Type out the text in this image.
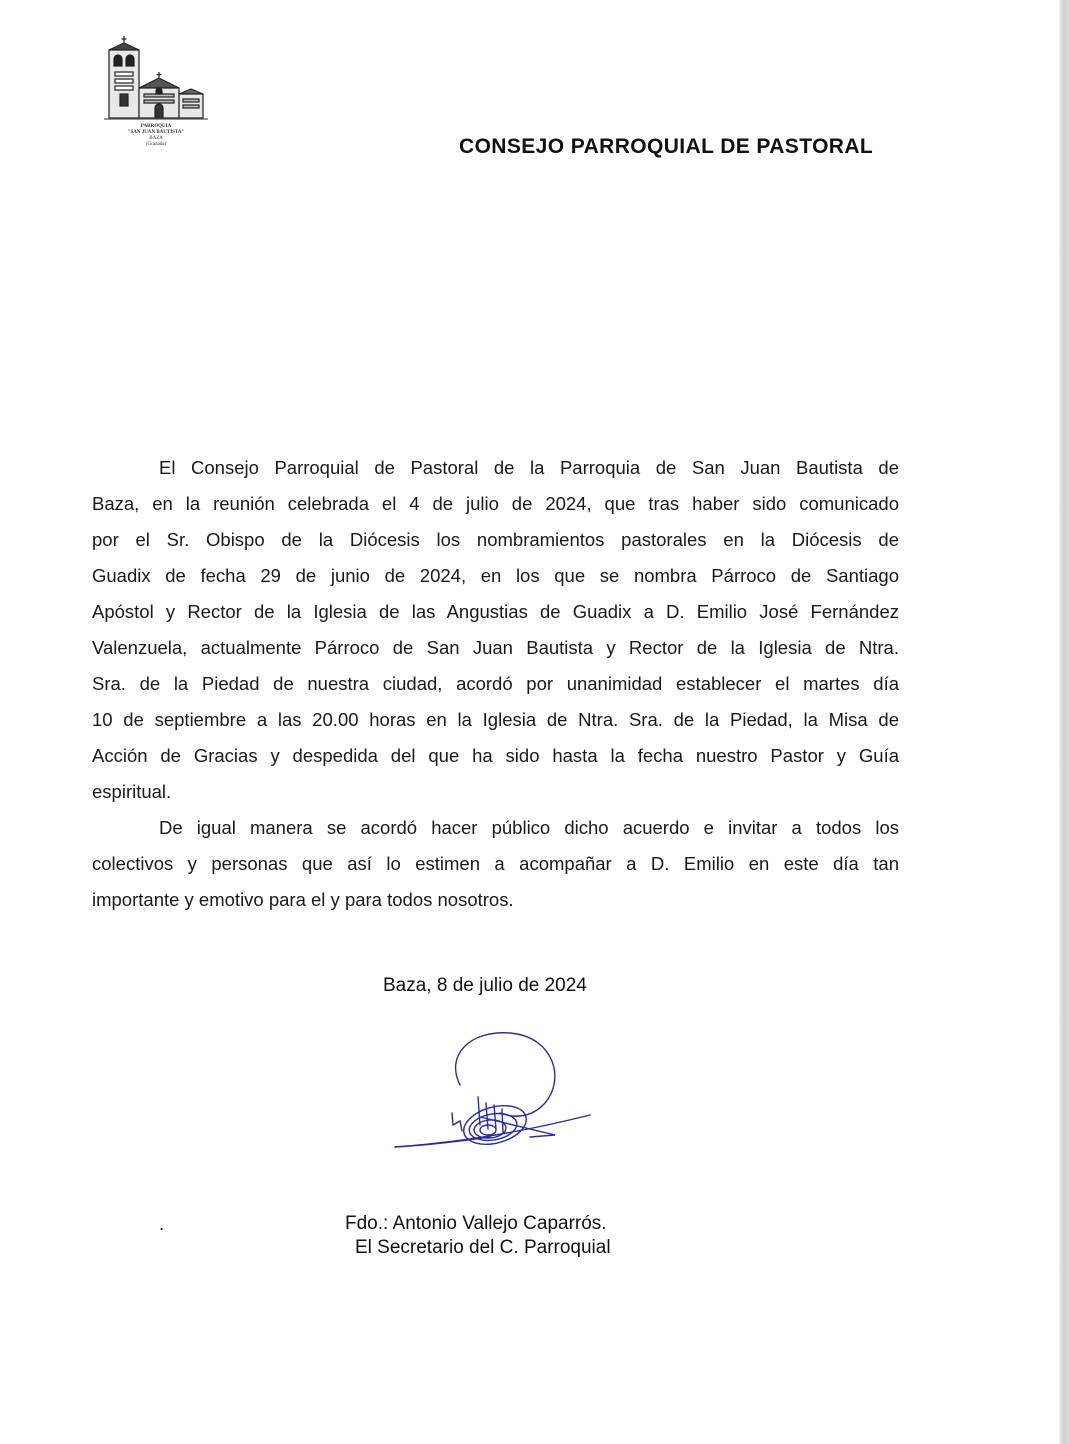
PARROQUIA
"SAN JUAN BAUTISTA"
BAZA
(Granada)	CONSEJO PARROQUIAL DE PASTORAL
El Consejo Parroquial de Pastoral de la Parroquia de San Juan Bautista de
Baza, en la reunión celebrada el 4 de julio de 2024, que tras haber sido comunicado
por el Sr. Obispo de la Diócesis los nombramientos pastorales en la Diócesis de
Guadix de fecha 29 de junio de 2024, en los que se nombra Párroco de Santiago
Apóstol y Rector de la Iglesia de las Angustias de Guadix a D. Emilio José Fernández
Valenzuela, actualmente Párroco de San Juan Bautista y Rector de la Iglesia de Ntra.
Sra. de la Piedad de nuestra ciudad, acordó por unanimidad establecer el martes día
10 de septiembre a las 20.00 horas en la Iglesia de Ntra. Sra. de la Piedad, la Misa de
Acción de Gracias y despedida del que ha sido hasta la fecha nuestro Pastor y Guía
espiritual.
De igual manera se acordó hacer público dicho acuerdo e invitar a todos los
colectivos y personas que así lo estimen a acompañar a D. Emilio en este día tan
importante y emotivo para el y para todos nosotros.
Baza, 8 de julio de 2024
.	Fdo.: Antonio Vallejo Caparrós.
El Secretario del C. Parroquial
